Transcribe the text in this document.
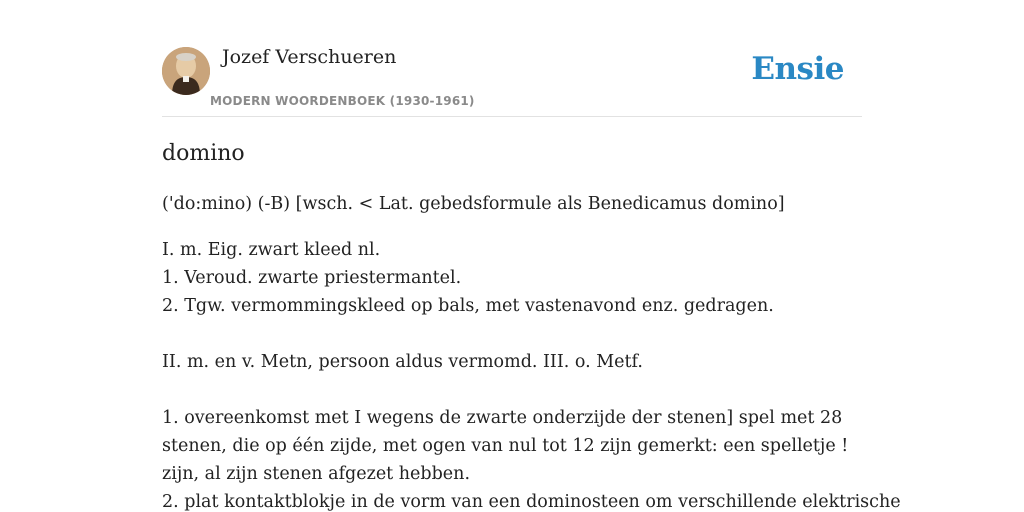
Jozef Verschueren
MODERN WOORDENBOEK (1930-1961)
Ensie
domino

('do:mino) (-B) [wsch. < Lat. gebedsformule als Benedicamus domino]

I. m. Eig. zwart kleed nl.
1. Veroud. zwarte priestermantel.
2. Tgw. vermommingskleed op bals, met vastenavond enz. gedragen.
II. m. en v. Metn, persoon aldus vermomd. III. o. Metf.
1. overeenkomst met I wegens de zwarte onderzijde der stenen] spel met 28 stenen, die op één zijde, met ogen van nul tot 12 zijn gemerkt: een spelletje ! zijn, al zijn stenen afgezet hebben.
2. plat kontaktblokje in de vorm van een dominosteen om verschillende elektrische
